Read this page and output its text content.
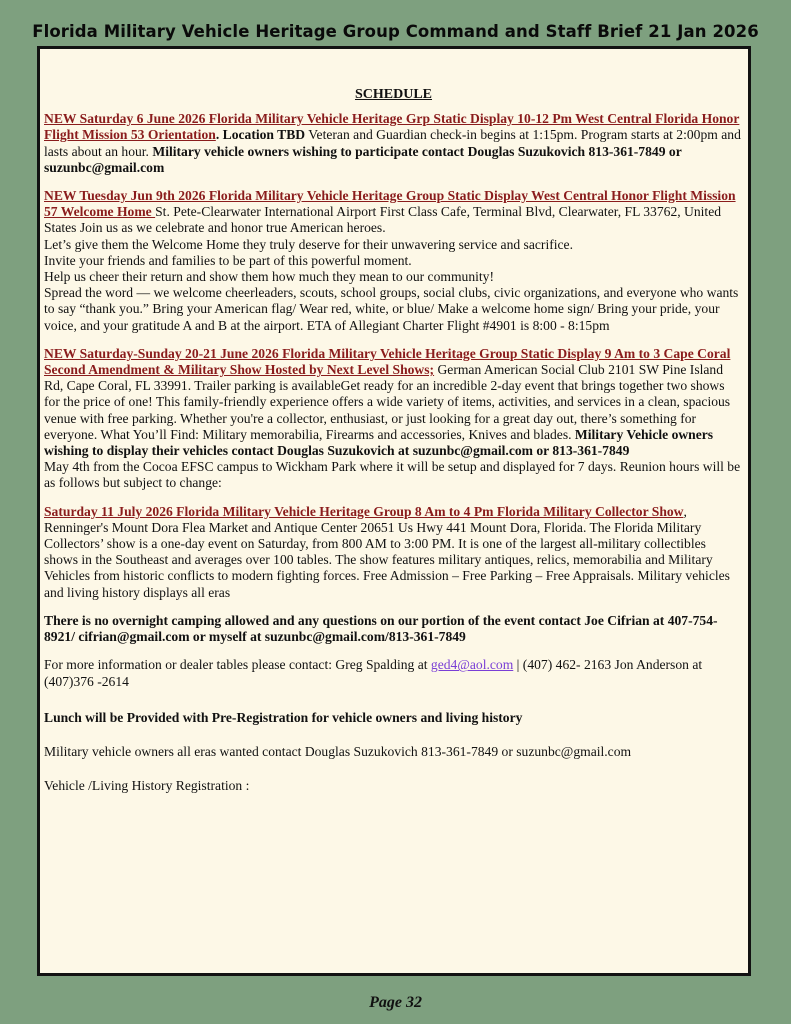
Florida Military Vehicle Heritage Group Command and Staff Brief 21 Jan 2026
SCHEDULE
NEW Saturday 6 June 2026 Florida Military Vehicle Heritage Grp Static Display 10-12 Pm West Central Florida Honor Flight Mission 53 Orientation. Location TBD Veteran and Guardian check-in begins at 1:15pm. Program starts at 2:00pm and lasts about an hour. Military vehicle owners wishing to participate contact Douglas Suzukovich 813-361-7849 or suzunbc@gmail.com
NEW Tuesday Jun 9th 2026 Florida Military Vehicle Heritage Group Static Display West Central Honor Flight Mission 57 Welcome Home St. Pete-Clearwater International Airport First Class Cafe, Terminal Blvd, Clearwater, FL 33762, United States Join us as we celebrate and honor true American heroes.
Let’s give them the Welcome Home they truly deserve for their unwavering service and sacrifice.
Invite your friends and families to be part of this powerful moment.
Help us cheer their return and show them how much they mean to our community!
Spread the word — we welcome cheerleaders, scouts, school groups, social clubs, civic organizations, and everyone who wants to say “thank you.” Bring your American flag/ Wear red, white, or blue/ Make a welcome home sign/ Bring your pride, your voice, and your gratitude A and B at the airport. ETA of Allegiant Charter Flight #4901 is 8:00 - 8:15pm
NEW Saturday-Sunday 20-21 June 2026 Florida Military Vehicle Heritage Group Static Display 9 Am to 3 Cape Coral Second Amendment & Military Show Hosted by Next Level Shows; German American Social Club 2101 SW Pine Island Rd, Cape Coral, FL 33991. Trailer parking is availableGet ready for an incredible 2-day event that brings together two shows for the price of one! This family-friendly experience offers a wide variety of items, activities, and services in a clean, spacious venue with free parking. Whether you're a collector, enthusiast, or just looking for a great day out, there’s something for everyone. What You’ll Find: Military memorabilia, Firearms and accessories, Knives and blades. Military Vehicle owners wishing to display their vehicles contact Douglas Suzukovich at suzunbc@gmail.com or 813-361-7849
May 4th from the Cocoa EFSC campus to Wickham Park where it will be setup and displayed for 7 days. Reunion hours will be as follows but subject to change:
Saturday 11 July 2026 Florida Military Vehicle Heritage Group 8 Am to 4 Pm Florida Military Collector Show, Renninger's Mount Dora Flea Market and Antique Center 20651 Us Hwy 441 Mount Dora, Florida. The Florida Military Collectors’ show is a one-day event on Saturday, from 800 AM to 3:00 PM. It is one of the largest all-military collectibles shows in the Southeast and averages over 100 tables. The show features military antiques, relics, memorabilia and Military Vehicles from historic conflicts to modern fighting forces. Free Admission – Free Parking – Free Appraisals. Military vehicles and living history displays all eras
There is no overnight camping allowed and any questions on our portion of the event contact Joe Cifrian at 407-754-8921/ cifrian@gmail.com or myself at suzunbc@gmail.com/813-361-7849
For more information or dealer tables please contact: Greg Spalding at ged4@aol.com | (407) 462- 2163 Jon Anderson at (407)376 -2614
Lunch will be Provided with Pre-Registration for vehicle owners and living history
Military vehicle owners all eras wanted contact Douglas Suzukovich 813-361-7849 or suzunbc@gmail.com
Vehicle /Living History Registration :
Page 32
